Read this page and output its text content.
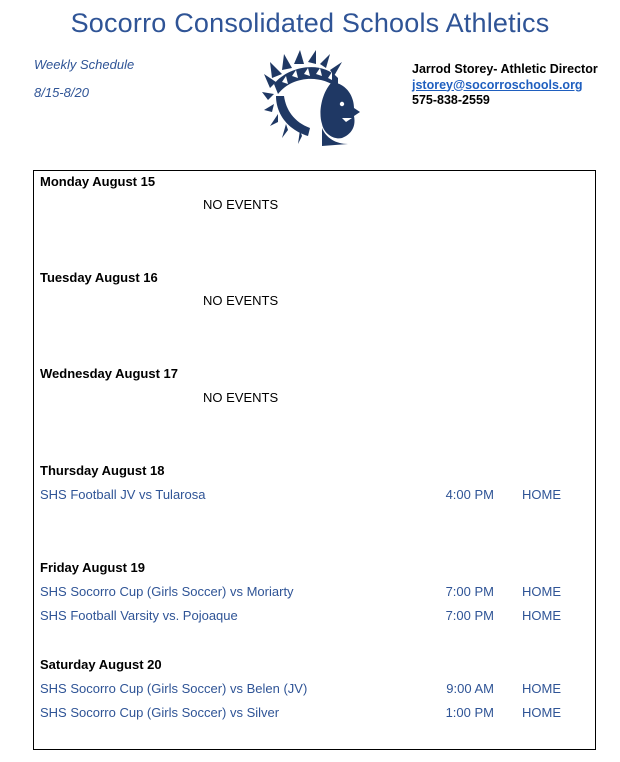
Socorro Consolidated Schools Athletics
Weekly Schedule
8/15-8/20
Jarrod Storey- Athletic Director
jstorey@socorroschools.org
575-838-2559
Monday August 15
NO EVENTS
Tuesday August 16
NO EVENTS
Wednesday August 17
NO EVENTS
Thursday August 18
SHS Football JV vs Tularosa	4:00 PM HOME
Friday August 19
SHS Socorro Cup (Girls Soccer) vs Moriarty	7:00 PM HOME
SHS Football Varsity vs. Pojoaque	7:00 PM HOME
Saturday August 20
SHS Socorro Cup (Girls Soccer) vs Belen (JV)	9:00 AM HOME
SHS Socorro Cup (Girls Soccer) vs Silver	1:00 PM HOME
